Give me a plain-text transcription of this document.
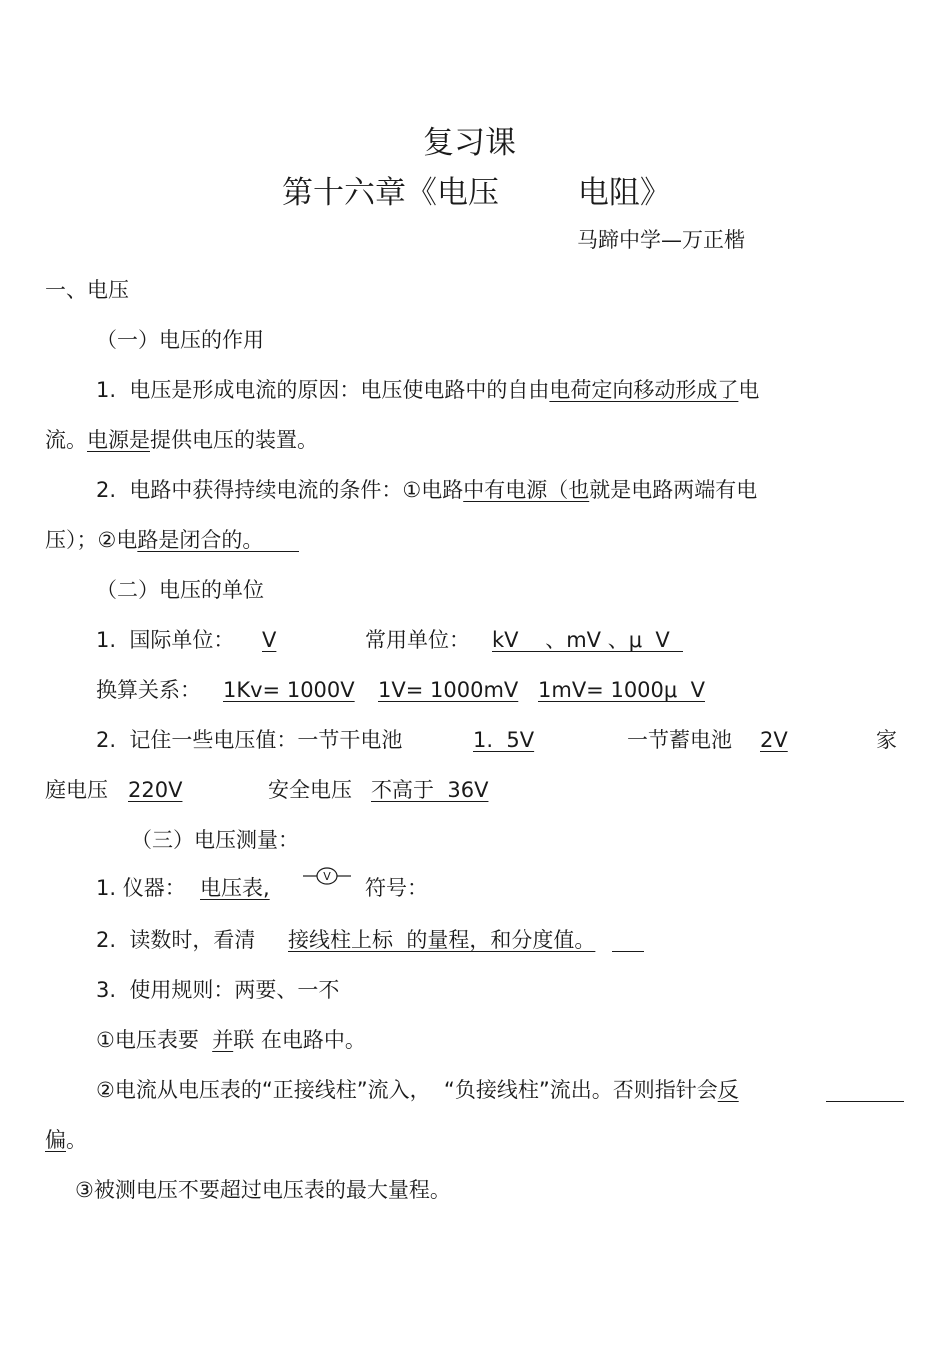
复习课
第十六章《电压        电阻》
马蹄中学—万正楷
一、电压
（一）电压的作用
1.  电压是形成电流的原因：电压使电路中的自由电荷定向移动形成了电
流。电源是提供电压的装置。
2.  电路中获得持续电流的条件：①电路中有电源（也就是电路两端有电
压）；②电路是闭合的。
（二）电压的单位
1.  国际单位： V	常用单位： kV    、mV 、μ  V
换算关系： 1Kv= 1000V 1V= 1000mV 1mV= 1000μ  V
2.  记住一些电压值：一节干电池	1.  5V	一节蓄电池 2V	家
庭电压 220V	安全电压 不高于  36V
（三）电压测量：
1. 仪器： 电压表,	V 符号：
2.  读数时，看清 接线柱上标  的量程，和分度值。
3.  使用规则：两要、一不
①电压表要 并联 在电路中。
②电流从电压表的“正接线柱”流入，  “负接线柱”流出。否则指针会反
偏。
③被测电压不要超过电压表的最大量程。
